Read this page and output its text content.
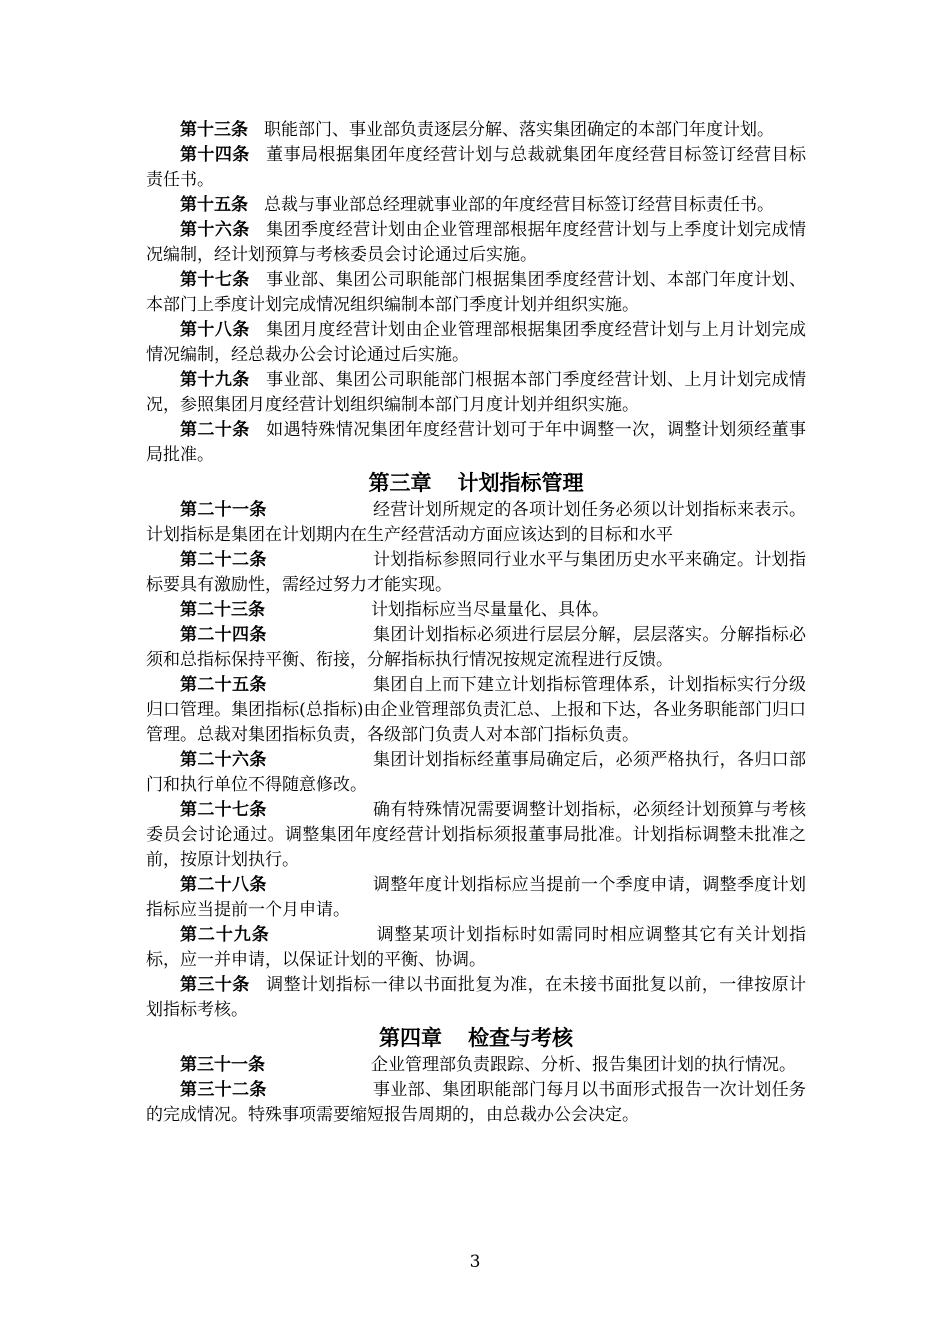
第十三条 职能部门、事业部负责逐层分解、落实集团确定的本部门年度计划。

第十四条 董事局根据集团年度经营计划与总裁就集团年度经营目标签订经营目标责任书。

第十五条 总裁与事业部总经理就事业部的年度经营目标签订经营目标责任书。

第十六条 集团季度经营计划由企业管理部根据年度经营计划与上季度计划完成情况编制，经计划预算与考核委员会讨论通过后实施。

第十七条 事业部、集团公司职能部门根据集团季度经营计划、本部门年度计划、本部门上季度计划完成情况组织编制本部门季度计划并组织实施。

第十八条 集团月度经营计划由企业管理部根据集团季度经营计划与上月计划完成情况编制，经总裁办公会讨论通过后实施。

第十九条 事业部、集团公司职能部门根据本部门季度经营计划、上月计划完成情况，参照集团月度经营计划组织编制本部门月度计划并组织实施。

第二十条 如遇特殊情况集团年度经营计划可于年中调整一次，调整计划须经董事局批准。

第三章 计划指标管理

第二十一条	经营计划所规定的各项计划任务必须以计划指标来表示。计划指标是集团在计划期内在生产经营活动方面应该达到的目标和水平

第二十二条	计划指标参照同行业水平与集团历史水平来确定。计划指标要具有激励性，需经过努力才能实现。

第二十三条	计划指标应当尽量量化、具体。

第二十四条	集团计划指标必须进行层层分解，层层落实。分解指标必须和总指标保持平衡、衔接，分解指标执行情况按规定流程进行反馈。

第二十五条	集团自上而下建立计划指标管理体系，计划指标实行分级归口管理。集团指标(总指标)由企业管理部负责汇总、上报和下达，各业务职能部门归口管理。总裁对集团指标负责，各级部门负责人对本部门指标负责。

第二十六条	集团计划指标经董事局确定后，必须严格执行，各归口部门和执行单位不得随意修改。

第二十七条	确有特殊情况需要调整计划指标，必须经计划预算与考核委员会讨论通过。调整集团年度经营计划指标须报董事局批准。计划指标调整未批准之前，按原计划执行。

第二十八条	调整年度计划指标应当提前一个季度申请，调整季度计划指标应当提前一个月申请。

第二十九条	调整某项计划指标时如需同时相应调整其它有关计划指标，应一并申请，以保证计划的平衡、协调。

第三十条 调整计划指标一律以书面批复为准，在未接书面批复以前，一律按原计划指标考核。

第四章 检查与考核

第三十一条	企业管理部负责跟踪、分析、报告集团计划的执行情况。

第三十二条	事业部、集团职能部门每月以书面形式报告一次计划任务的完成情况。特殊事项需要缩短报告周期的，由总裁办公会决定。

3
